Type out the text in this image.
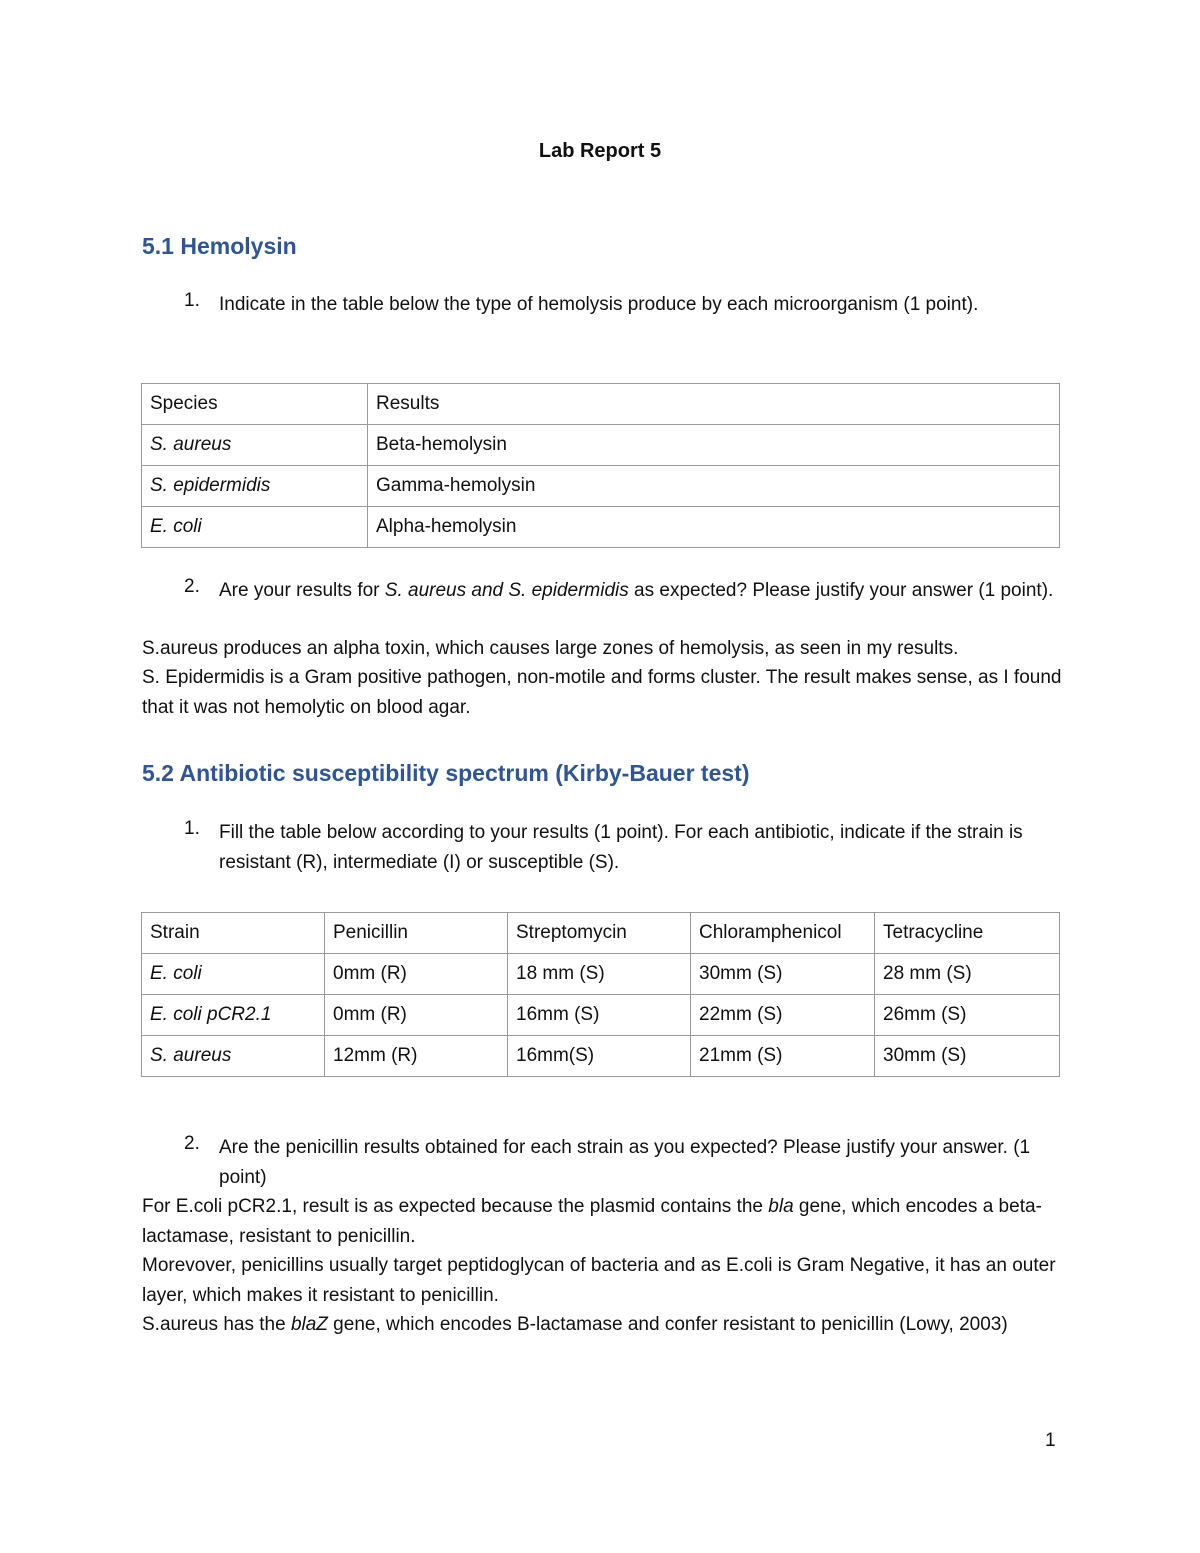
Lab Report 5
5.1 Hemolysin
1. Indicate in the table below the type of hemolysis produce by each microorganism (1 point).
Species	Results
S. aureus	Beta-hemolysin
S. epidermidis	Gamma-hemolysin
E. coli	Alpha-hemolysin
2. Are your results for S. aureus and S. epidermidis as expected? Please justify your answer (1 point).
S.aureus produces an alpha toxin, which causes large zones of hemolysis, as seen in my results.
S. Epidermidis is a Gram positive pathogen, non-motile and forms cluster. The result makes sense, as I found that it was not hemolytic on blood agar.
5.2 Antibiotic susceptibility spectrum (Kirby-Bauer test)
1. Fill the table below according to your results (1 point). For each antibiotic, indicate if the strain is resistant (R), intermediate (I) or susceptible (S).
Strain	Penicillin	Streptomycin	Chloramphenicol	Tetracycline
E. coli	0mm (R)	18 mm (S)	30mm (S)	28 mm (S)
E. coli pCR2.1	0mm (R)	16mm (S)	22mm (S)	26mm (S)
S. aureus	12mm (R)	16mm(S)	21mm (S)	30mm (S)
2. Are the penicillin results obtained for each strain as you expected? Please justify your answer. (1 point)
For E.coli pCR2.1, result is as expected because the plasmid contains the bla gene, which encodes a beta-lactamase, resistant to penicillin.
Morevover, penicillins usually target peptidoglycan of bacteria and as E.coli is Gram Negative, it has an outer layer, which makes it resistant to penicillin.
S.aureus has the blaZ gene, which encodes B-lactamase and confer resistant to penicillin (Lowy, 2003)
1
